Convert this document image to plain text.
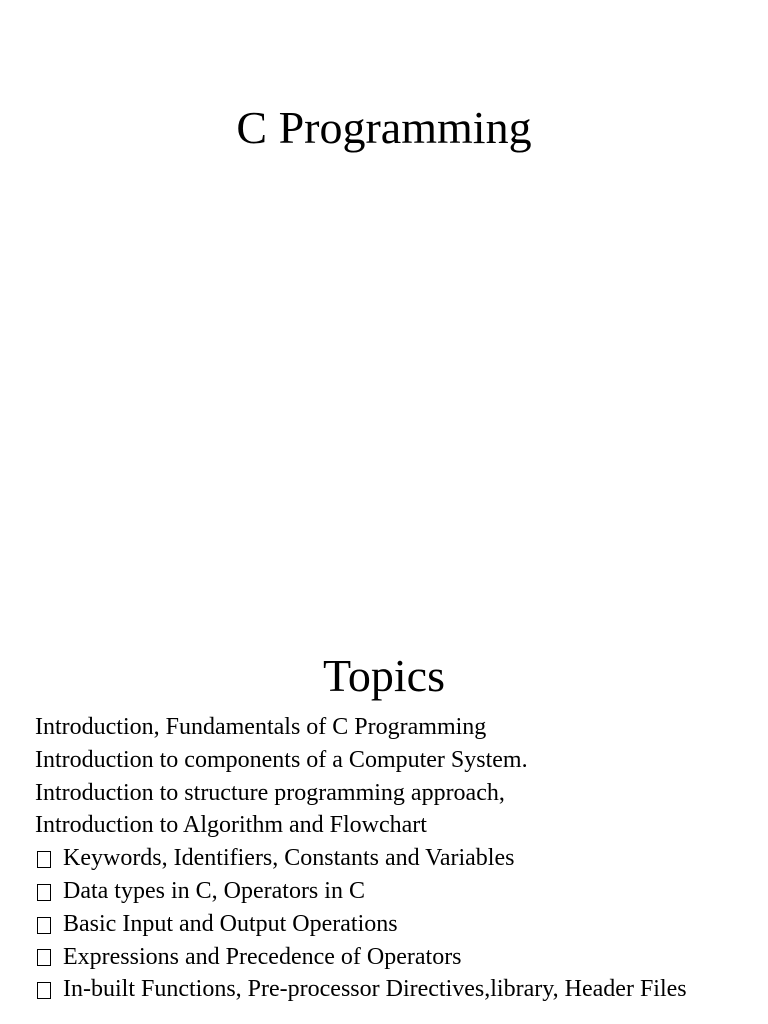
C Programming
Topics
Introduction, Fundamentals of C Programming
Introduction to components of a Computer System.
Introduction to structure programming approach,
Introduction to Algorithm and Flowchart
Keywords, Identifiers, Constants and Variables
Data types in C, Operators in C
Basic Input and Output Operations
Expressions and Precedence of Operators
In-built Functions, Pre-processor Directives,library, Header Files
